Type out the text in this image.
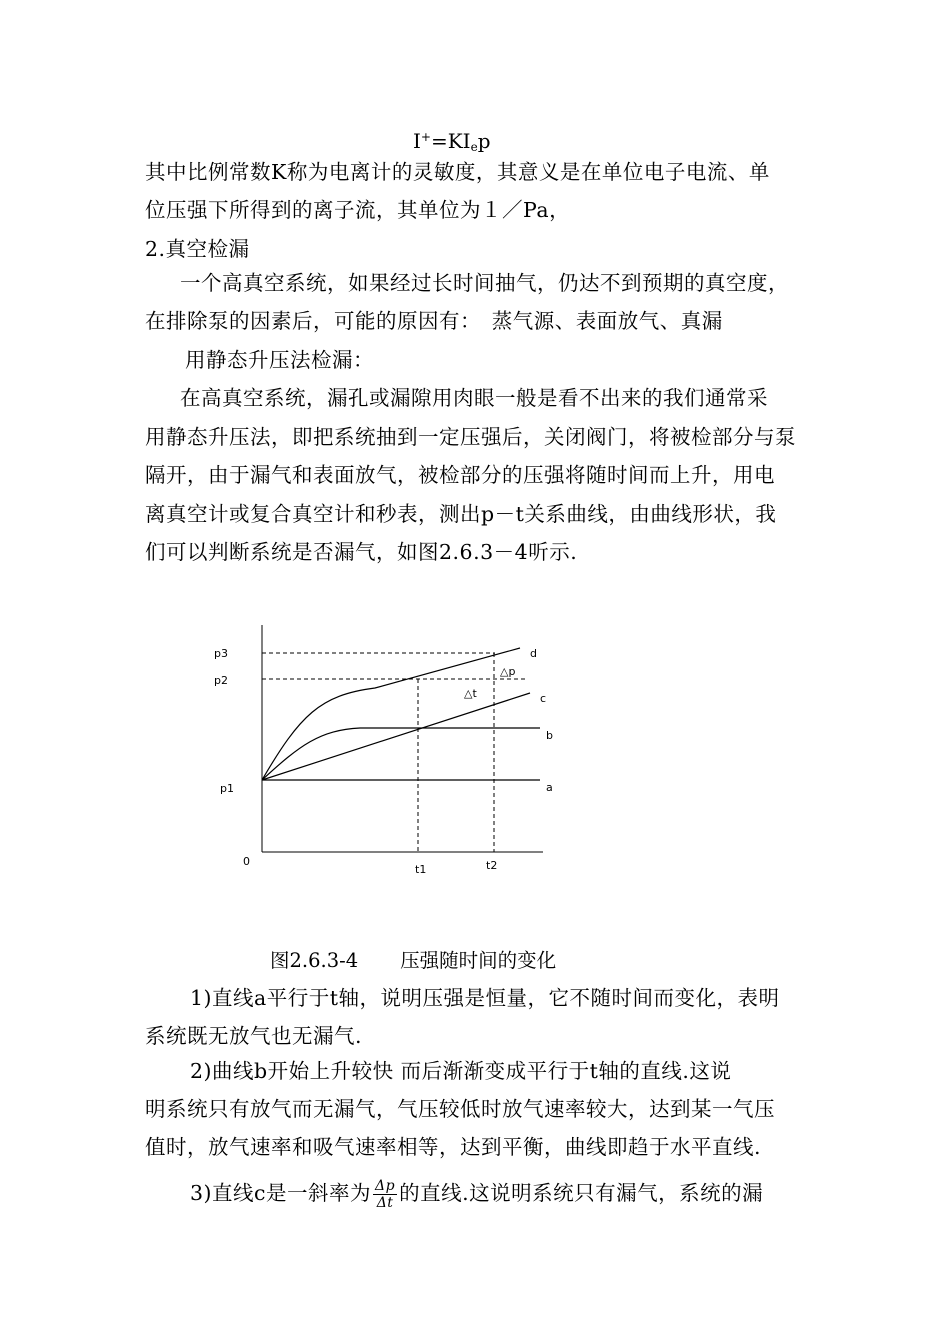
$I^+=KI_ep$
其中比例常数K称为电离计的灵敏度，其意义是在单位电子电流、单
位压强下所得到的离子流，其单位为１／Pa，
2.真空检漏
一个高真空系统，如果经过长时间抽气，仍达不到预期的真空度，
在排除泵的因素后，可能的原因有：　蒸气源、表面放气、真漏
用静态升压法检漏：
在高真空系统，漏孔或漏隙用肉眼一般是看不出来的我们通常采
用静态升压法，即把系统抽到一定压强后，关闭阀门，将被检部分与泵
隔开，由于漏气和表面放气，被检部分的压强将随时间而上升，用电
离真空计或复合真空计和秒表，测出p－t关系曲线，由曲线形状，我
们可以判断系统是否漏气，如图2.6.3－4听示.
p3
p2
p1
0
t1	t2
d
c
b
a
△p
△t
图2.6.3-4 压强随时间的变化
1)直线a平行于t轴，说明压强是恒量，它不随时间而变化，表明
系统既无放气也无漏气.
2)曲线b开始上升较快 而后渐渐变成平行于t轴的直线.这说
明系统只有放气而无漏气，气压较低时放气速率较大，达到某一气压
值时，放气速率和吸气速率相等，达到平衡，曲线即趋于水平直线.
3)直线c是一斜率为 $\frac{\Delta p}{\Delta t}$ 的直线.这说明系统只有漏气，系统的漏
